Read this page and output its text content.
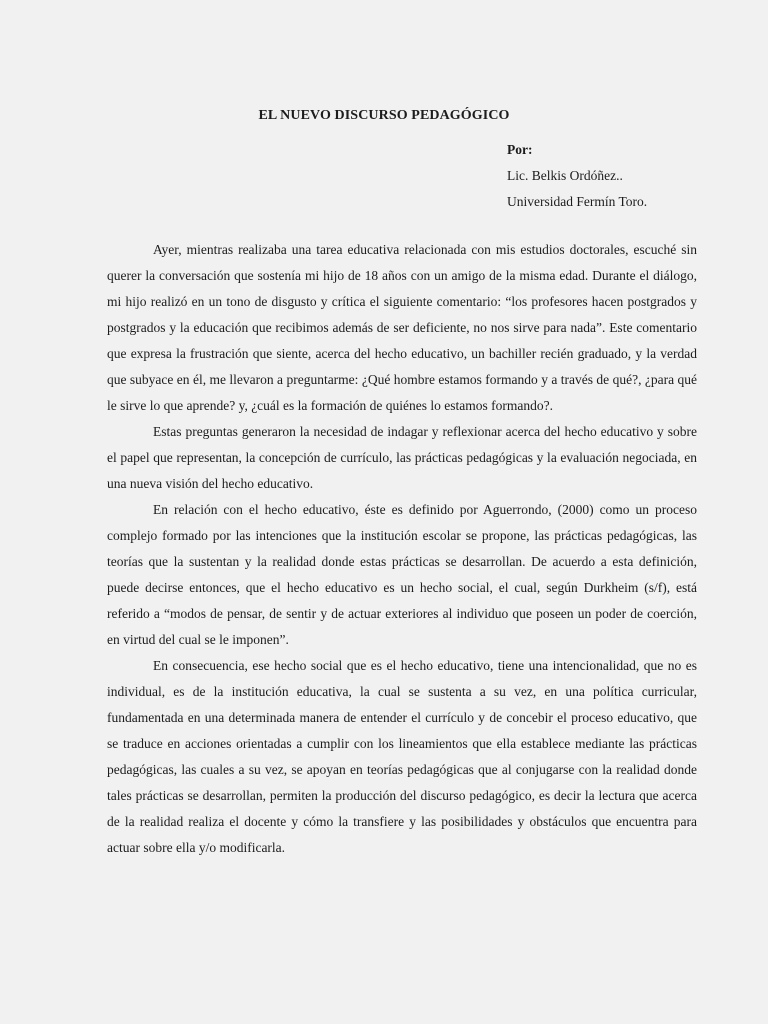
EL NUEVO DISCURSO PEDAGÓGICO
Por:
Lic. Belkis Ordóñez..
Universidad Fermín Toro.

Ayer, mientras realizaba una tarea educativa relacionada con mis estudios doctorales, escuché sin querer la conversación que sostenía mi hijo de 18 años con un amigo de la misma edad. Durante el diálogo, mi hijo realizó en un tono de disgusto y crítica el siguiente comentario: “los profesores hacen postgrados y postgrados y la educación que recibimos además de ser deficiente, no nos sirve para nada”. Este comentario que expresa la frustración que siente, acerca del hecho educativo, un bachiller recién graduado, y la verdad que subyace en él, me llevaron a preguntarme: ¿Qué hombre estamos formando y a través de qué?, ¿para qué le sirve lo que aprende? y, ¿cuál es la formación de quiénes lo estamos formando?.

Estas preguntas generaron la necesidad de indagar y reflexionar acerca del hecho educativo y sobre el papel que representan, la concepción de currículo, las prácticas pedagógicas y la evaluación negociada, en una nueva visión del hecho educativo.

En relación con el hecho educativo, éste es definido por Aguerrondo, (2000) como un proceso complejo formado por las intenciones que la institución escolar se propone, las prácticas pedagógicas, las teorías que la sustentan y la realidad donde estas prácticas se desarrollan. De acuerdo a esta definición, puede decirse entonces, que el hecho educativo es un hecho social, el cual, según Durkheim (s/f), está referido a “modos de pensar, de sentir y de actuar exteriores al individuo que poseen un poder de coerción, en virtud del cual se le imponen”.

En consecuencia, ese hecho social que es el hecho educativo, tiene una intencionalidad, que no es individual, es de la institución educativa, la cual se sustenta a su vez, en una política curricular, fundamentada en una determinada manera de entender el currículo y de concebir el proceso educativo, que se traduce en acciones orientadas a cumplir con los lineamientos que ella establece mediante las prácticas pedagógicas, las cuales a su vez, se apoyan en teorías pedagógicas que al conjugarse con la realidad donde tales prácticas se desarrollan, permiten la producción del discurso pedagógico, es decir la lectura que acerca de la realidad realiza el docente y cómo la transfiere y las posibilidades y obstáculos que encuentra para actuar sobre ella y/o modificarla.
